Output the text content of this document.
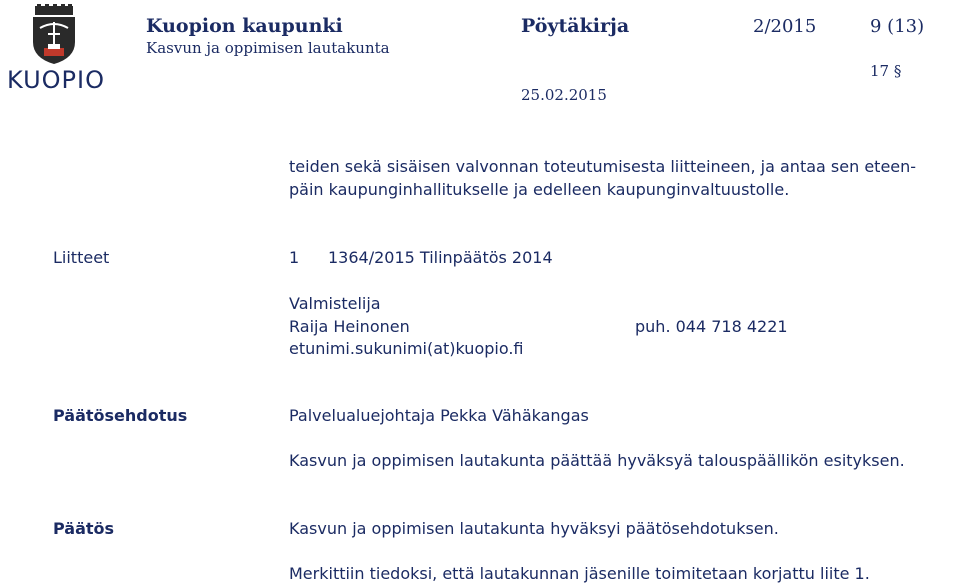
KUOPIO
Kuopion kaupunki
Kasvun ja oppimisen lautakunta
Pöytäkirja	2/2015	9 (13)
17 §
25.02.2015
teiden sekä sisäisen valvonnan toteutumisesta liitteineen, ja antaa sen eteen-
päin kaupunginhallitukselle ja edelleen kaupunginvaltuustolle.
Liitteet	1 1364/2015 Tilinpäätös 2014
Valmistelija
Raija Heinonen	puh. 044 718 4221
etunimi.sukunimi(at)kuopio.fi
Päätösehdotus	Palvelualuejohtaja Pekka Vähäkangas
Kasvun ja oppimisen lautakunta päättää hyväksyä talouspäällikön esityksen.
Päätös	Kasvun ja oppimisen lautakunta hyväksyi päätösehdotuksen.
Merkittiin tiedoksi, että lautakunnan jäsenille toimitetaan korjattu liite 1.
